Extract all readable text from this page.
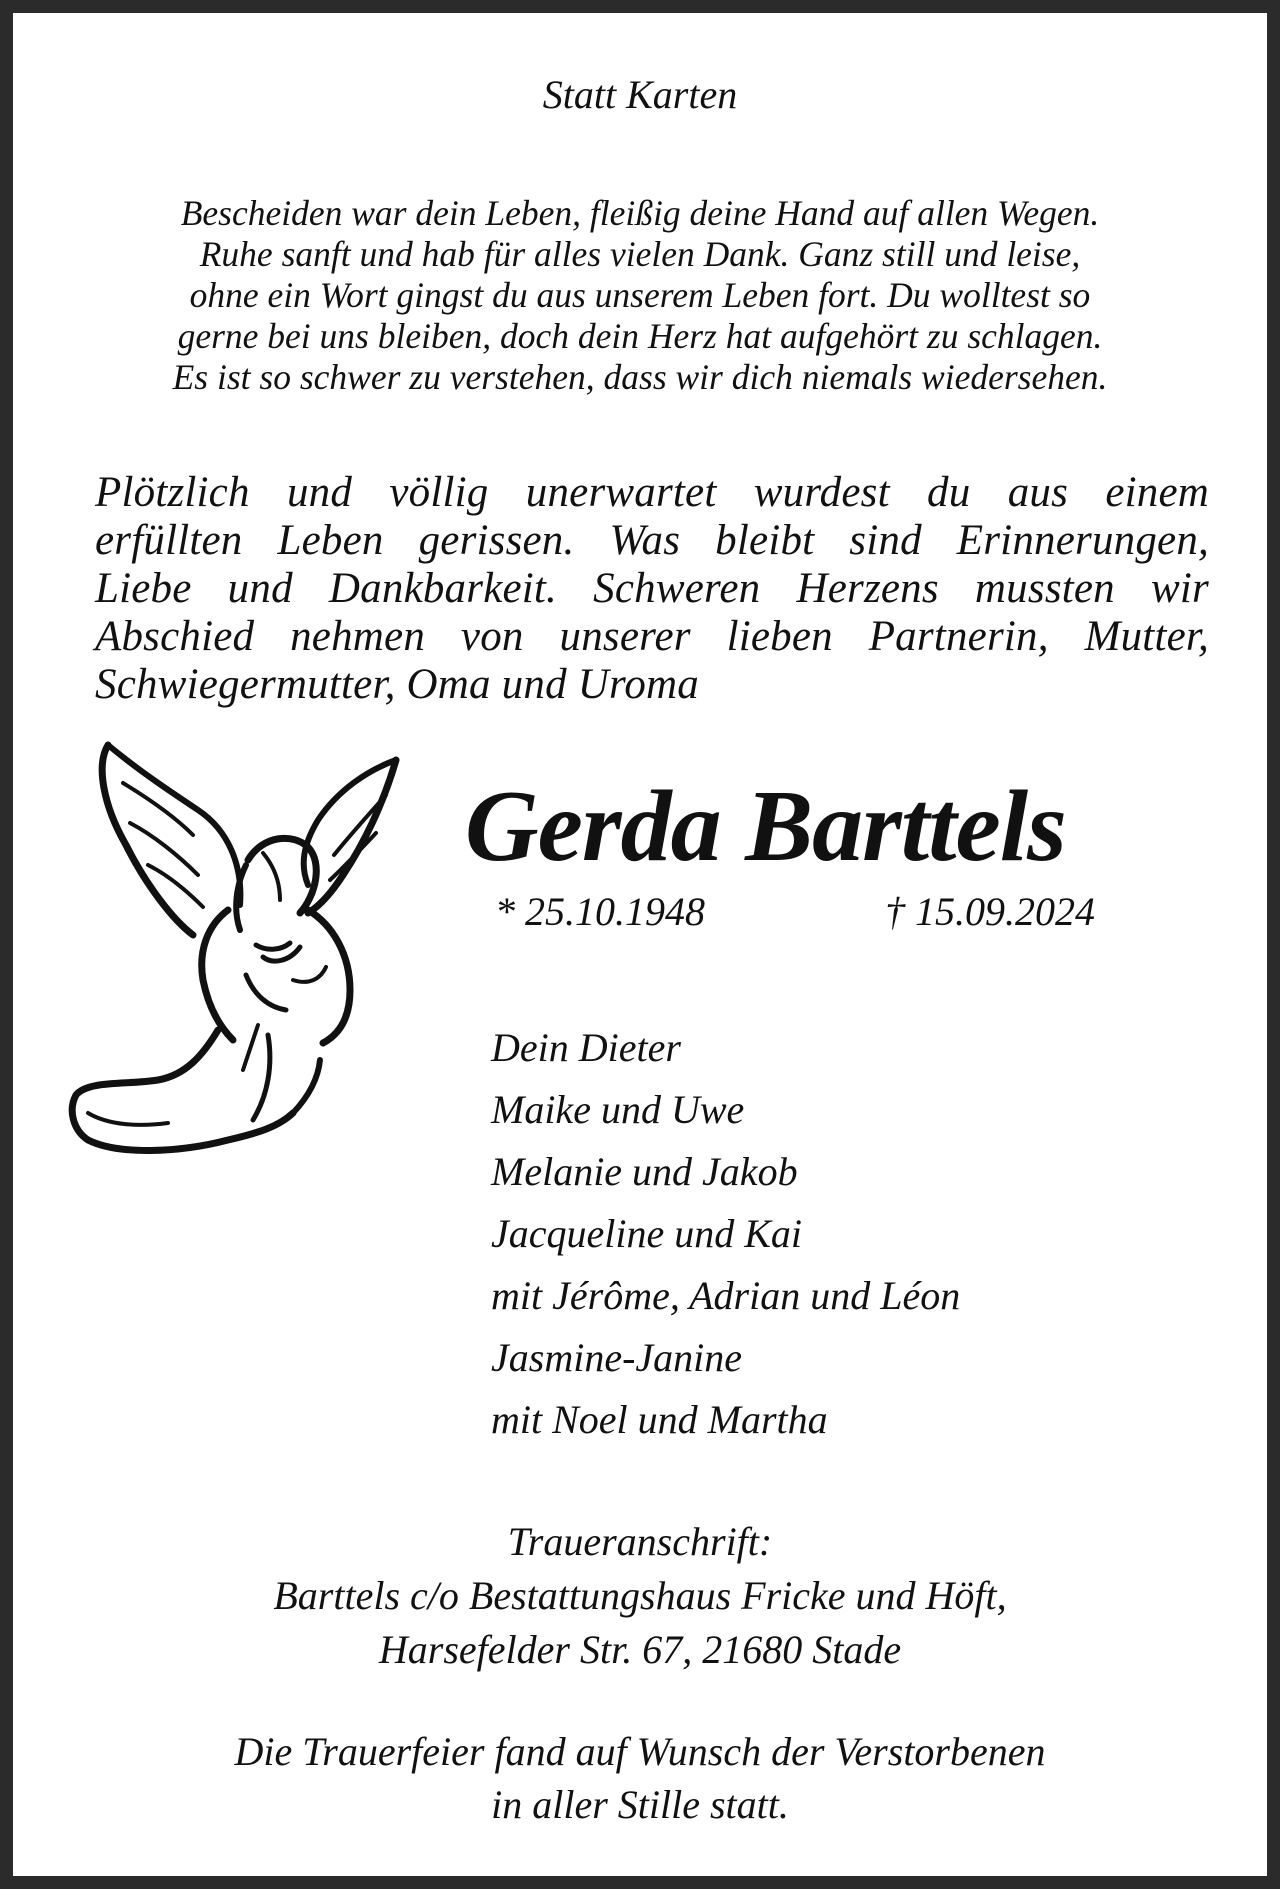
Statt Karten
Bescheiden war dein Leben, fleißig deine Hand auf allen Wegen.
Ruhe sanft und hab für alles vielen Dank. Ganz still und leise,
ohne ein Wort gingst du aus unserem Leben fort. Du wolltest so
gerne bei uns bleiben, doch dein Herz hat aufgehört zu schlagen.
Es ist so schwer zu verstehen, dass wir dich niemals wiedersehen.
Plötzlich und völlig unerwartet wurdest du aus einem
erfüllten Leben gerissen. Was bleibt sind Erinnerungen,
Liebe und Dankbarkeit. Schweren Herzens mussten wir
Abschied nehmen von unserer lieben Partnerin, Mutter,
Schwiegermutter, Oma und Uroma
Gerda Barttels
* 25.10.1948	† 15.09.2024
Dein Dieter
Maike und Uwe
Melanie und Jakob
Jacqueline und Kai
mit Jérôme, Adrian und Léon
Jasmine-Janine
mit Noel und Martha
Traueranschrift:
Barttels c/o Bestattungshaus Fricke und Höft,
Harsefelder Str. 67, 21680 Stade
Die Trauerfeier fand auf Wunsch der Verstorbenen
in aller Stille statt.
